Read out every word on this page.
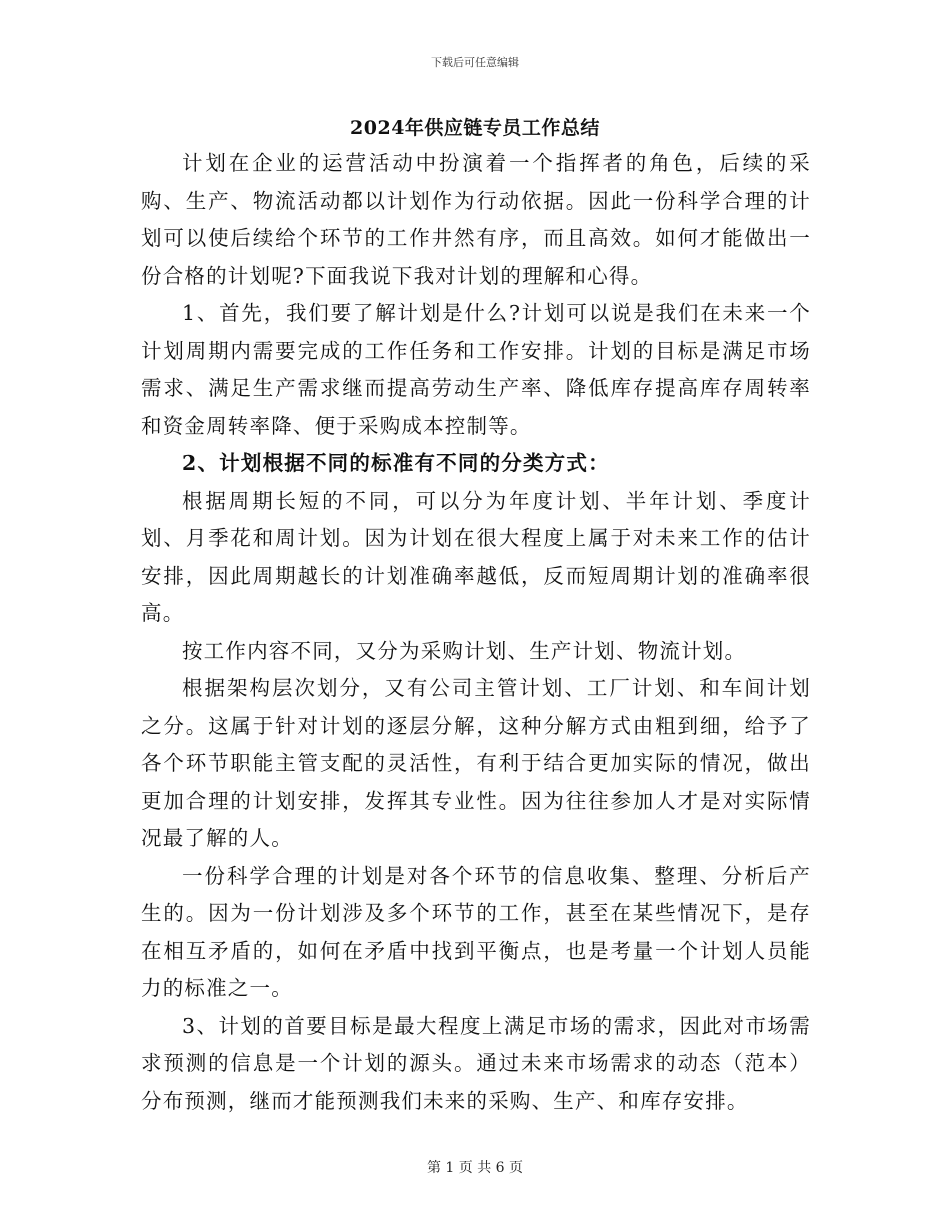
下载后可任意编辑
2024年供应链专员工作总结

计划在企业的运营活动中扮演着一个指挥者的角色，后续的采购、生产、物流活动都以计划作为行动依据。因此一份科学合理的计划可以使后续给个环节的工作井然有序，而且高效。如何才能做出一份合格的计划呢?下面我说下我对计划的理解和心得。

1、首先，我们要了解计划是什么?计划可以说是我们在未来一个计划周期内需要完成的工作任务和工作安排。计划的目标是满足市场需求、满足生产需求继而提高劳动生产率、降低库存提高库存周转率和资金周转率降、便于采购成本控制等。

2、计划根据不同的标准有不同的分类方式：

根据周期长短的不同，可以分为年度计划、半年计划、季度计划、月季花和周计划。因为计划在很大程度上属于对未来工作的估计安排，因此周期越长的计划准确率越低，反而短周期计划的准确率很高。

按工作内容不同，又分为采购计划、生产计划、物流计划。

根据架构层次划分，又有公司主管计划、工厂计划、和车间计划之分。这属于针对计划的逐层分解，这种分解方式由粗到细，给予了各个环节职能主管支配的灵活性，有利于结合更加实际的情况，做出更加合理的计划安排，发挥其专业性。因为往往参加人才是对实际情况最了解的人。

一份科学合理的计划是对各个环节的信息收集、整理、分析后产生的。因为一份计划涉及多个环节的工作，甚至在某些情况下，是存在相互矛盾的，如何在矛盾中找到平衡点，也是考量一个计划人员能力的标准之一。

3、计划的首要目标是最大程度上满足市场的需求，因此对市场需求预测的信息是一个计划的源头。通过未来市场需求的动态（范本）分布预测，继而才能预测我们未来的采购、生产、和库存安排。

第 1 页 共 6 页
